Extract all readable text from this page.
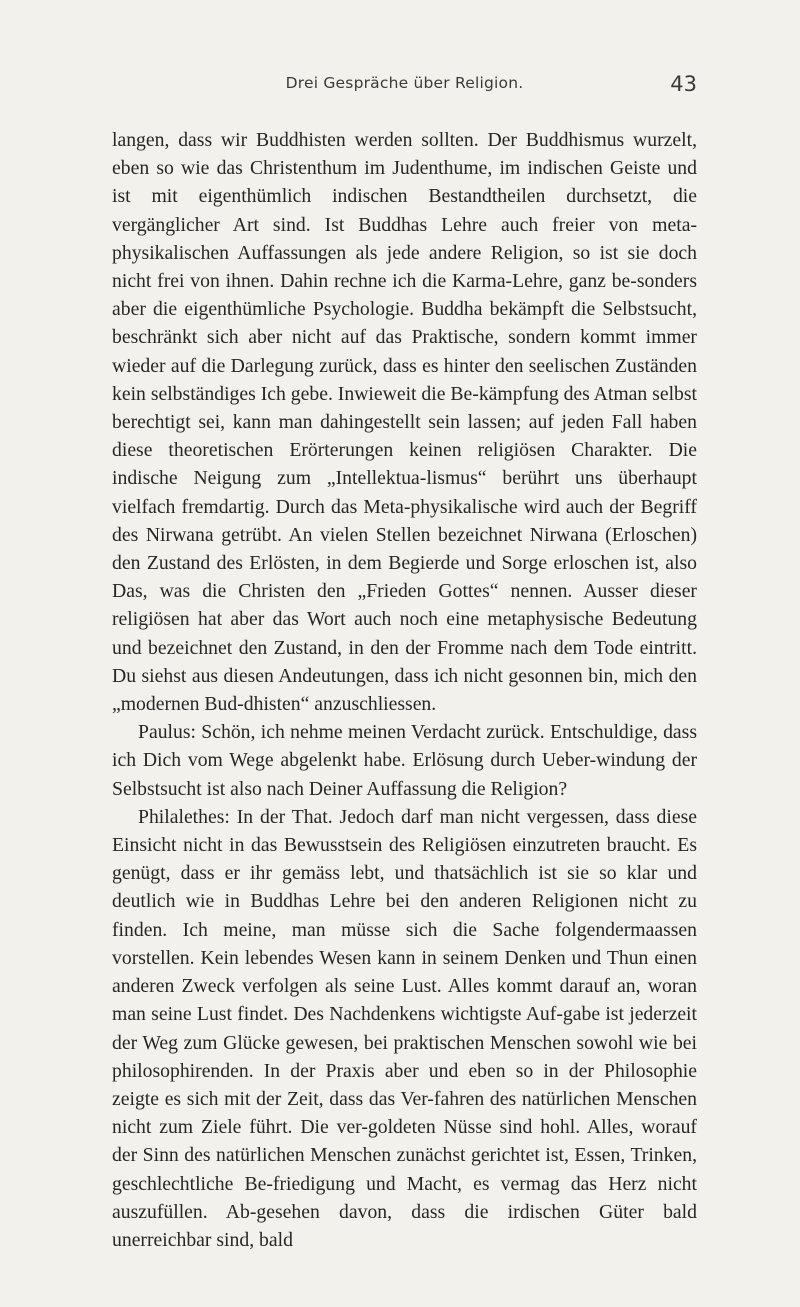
Drei Gespräche über Religion.	43

langen, dass wir Buddhisten werden sollten. Der Buddhismus wurzelt, eben so wie das Christenthum im Judenthume, im indischen Geiste und ist mit eigenthümlich indischen Bestandtheilen durchsetzt, die vergänglicher Art sind. Ist Buddhas Lehre auch freier von meta-physikalischen Auffassungen als jede andere Religion, so ist sie doch nicht frei von ihnen. Dahin rechne ich die Karma-Lehre, ganz be-sonders aber die eigenthümliche Psychologie. Buddha bekämpft die Selbstsucht, beschränkt sich aber nicht auf das Praktische, sondern kommt immer wieder auf die Darlegung zurück, dass es hinter den seelischen Zuständen kein selbständiges Ich gebe. Inwieweit die Be-kämpfung des Atman selbst berechtigt sei, kann man dahingestellt sein lassen; auf jeden Fall haben diese theoretischen Erörterungen keinen religiösen Charakter. Die indische Neigung zum „Intellektua-lismus“ berührt uns überhaupt vielfach fremdartig. Durch das Meta-physikalische wird auch der Begriff des Nirwana getrübt. An vielen Stellen bezeichnet Nirwana (Erloschen) den Zustand des Erlösten, in dem Begierde und Sorge erloschen ist, also Das, was die Christen den „Frieden Gottes“ nennen. Ausser dieser religiösen hat aber das Wort auch noch eine metaphysische Bedeutung und bezeichnet den Zustand, in den der Fromme nach dem Tode eintritt. Du siehst aus diesen Andeutungen, dass ich nicht gesonnen bin, mich den „modernen Bud-dhisten“ anzuschliessen.

Paulus: Schön, ich nehme meinen Verdacht zurück. Entschuldige, dass ich Dich vom Wege abgelenkt habe. Erlösung durch Ueber-windung der Selbstsucht ist also nach Deiner Auffassung die Religion?

Philalethes: In der That. Jedoch darf man nicht vergessen, dass diese Einsicht nicht in das Bewusstsein des Religiösen einzutreten braucht. Es genügt, dass er ihr gemäss lebt, und thatsächlich ist sie so klar und deutlich wie in Buddhas Lehre bei den anderen Religionen nicht zu finden. Ich meine, man müsse sich die Sache folgendermaassen vorstellen. Kein lebendes Wesen kann in seinem Denken und Thun einen anderen Zweck verfolgen als seine Lust. Alles kommt darauf an, woran man seine Lust findet. Des Nachdenkens wichtigste Auf-gabe ist jederzeit der Weg zum Glücke gewesen, bei praktischen Menschen sowohl wie bei philosophirenden. In der Praxis aber und eben so in der Philosophie zeigte es sich mit der Zeit, dass das Ver-fahren des natürlichen Menschen nicht zum Ziele führt. Die ver-goldeten Nüsse sind hohl. Alles, worauf der Sinn des natürlichen Menschen zunächst gerichtet ist, Essen, Trinken, geschlechtliche Be-friedigung und Macht, es vermag das Herz nicht auszufüllen. Ab-gesehen davon, dass die irdischen Güter bald unerreichbar sind, bald
